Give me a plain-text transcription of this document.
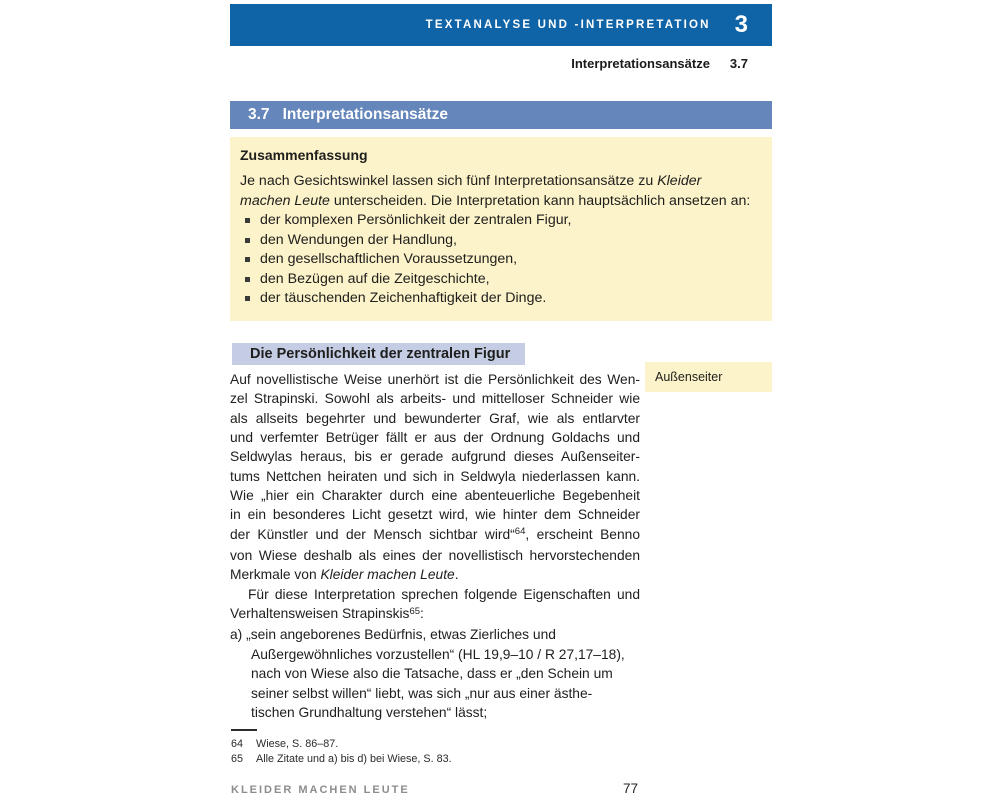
TEXTANALYSE UND -INTERPRETATION 3
Interpretationsansätze 3.7
3.7 Interpretationsansätze
Zusammenfassung
Je nach Gesichtswinkel lassen sich fünf Interpretationsansätze zu Kleider
machen Leute unterscheiden. Die Interpretation kann hauptsächlich ansetzen an:
der komplexen Persönlichkeit der zentralen Figur,
den Wendungen der Handlung,
den gesellschaftlichen Voraussetzungen,
den Bezügen auf die Zeitgeschichte,
der täuschenden Zeichenhaftigkeit der Dinge.
Die Persönlichkeit der zentralen Figur
Außenseiter
Auf novellistische Weise unerhört ist die Persönlichkeit des Wen-
zel Strapinski. Sowohl als arbeits- und mittelloser Schneider wie
als allseits begehrter und bewunderter Graf, wie als entlarvter
und verfemter Betrüger fällt er aus der Ordnung Goldachs und
Seldwylas heraus, bis er gerade aufgrund dieses Außenseiter-
tums Nettchen heiraten und sich in Seldwyla niederlassen kann.
Wie „hier ein Charakter durch eine abenteuerliche Begebenheit
in ein besonderes Licht gesetzt wird, wie hinter dem Schneider
der Künstler und der Mensch sichtbar wird“$^{64}$, erscheint Benno
von Wiese deshalb als eines der novellistisch hervorstechenden
Merkmale von Kleider machen Leute.
Für diese Interpretation sprechen folgende Eigenschaften und
Verhaltensweisen Strapinskis$^{65}$:
a) „sein angeborenes Bedürfnis, etwas Zierliches und
Außergewöhnliches vorzustellen“ (HL 19,9–10 / R 27,17–18),
nach von Wiese also die Tatsache, dass er „den Schein um
seiner selbst willen“ liebt, was sich „nur aus einer ästhe-
tischen Grundhaltung verstehen“ lässt;
64	Wiese, S. 86–87.
65	Alle Zitate und a) bis d) bei Wiese, S. 83.
KLEIDER MACHEN LEUTE	77
